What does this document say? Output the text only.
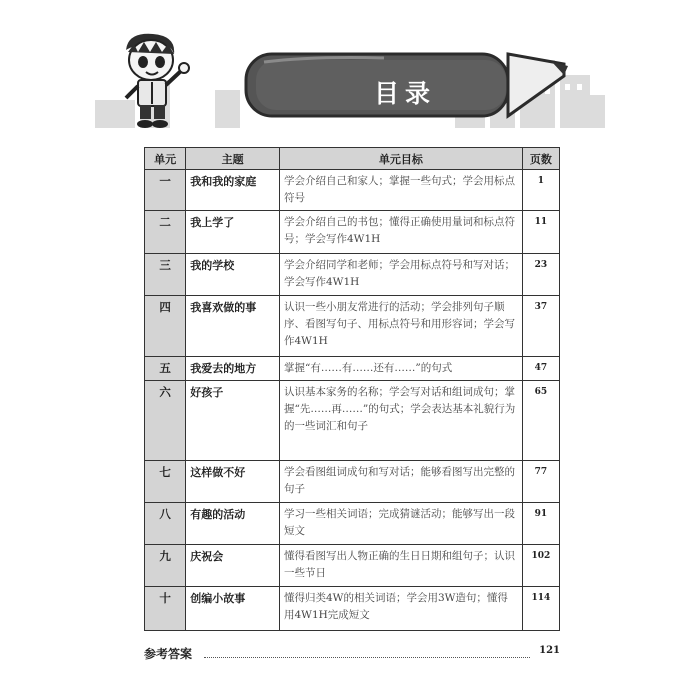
目录
单元	主题	单元目标	页数
一	我和我的家庭	学会介绍自己和家人；掌握一些句式；学会用标点符号	1
二	我上学了	学会介绍自己的书包；懂得正确使用量词和标点符号；学会写作4W1H	11
三	我的学校	学会介绍同学和老师；学会用标点符号和写对话；学会写作4W1H	23
四	我喜欢做的事	认识一些小朋友常进行的活动；学会排列句子顺序、看图写句子、用标点符号和用形容词；学会写作4W1H	37
五	我爱去的地方	掌握“有……有……还有……”的句式	47
六	好孩子	认识基本家务的名称；学会写对话和组词成句；掌握“先……再……”的句式；学会表达基本礼貌行为的一些词汇和句子	65
七	这样做不好	学会看图组词成句和写对话；能够看图写出完整的句子	77
八	有趣的活动	学习一些相关词语；完成猜谜活动；能够写出一段短文	91
九	庆祝会	懂得看图写出人物正确的生日日期和组句子；认识一些节日	102
十	创编小故事	懂得归类4W的相关词语；学会用3W造句；懂得用4W1H完成短文	114
参考答案	121
